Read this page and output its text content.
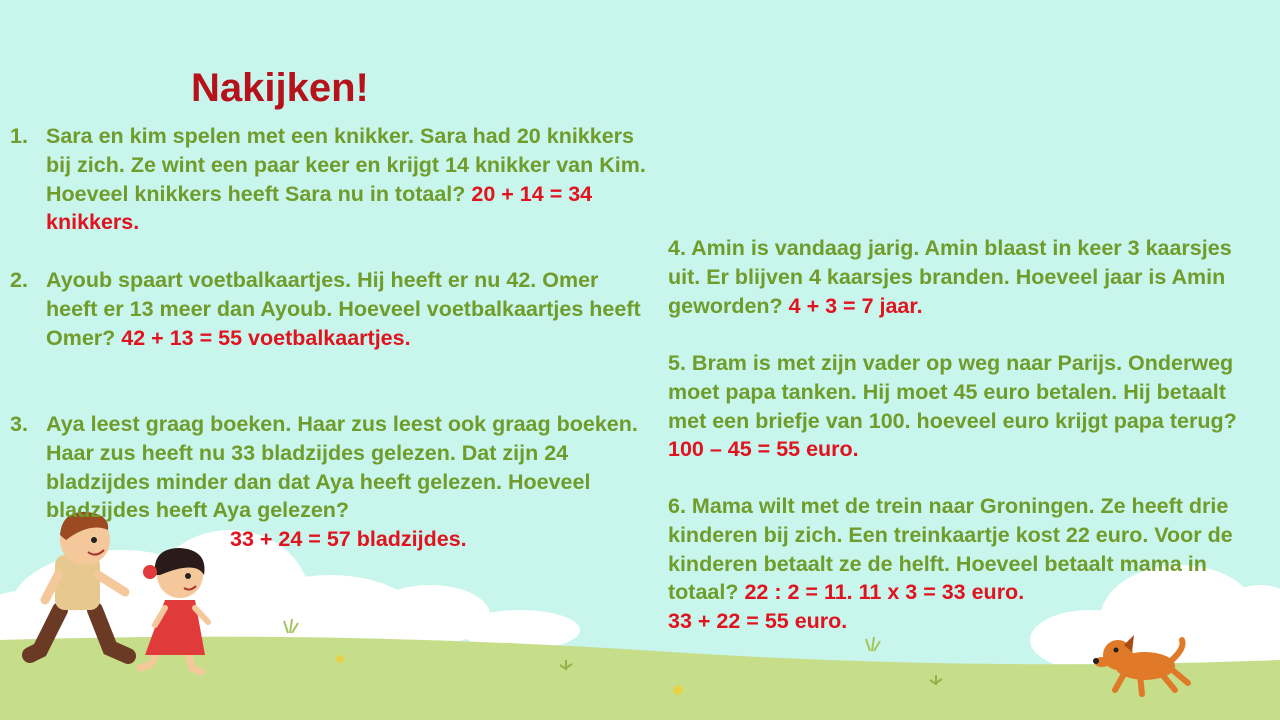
Nakijken!

1. Sara en kim spelen met een knikker. Sara had 20 knikkers bij zich. Ze wint een paar keer en krijgt 14 knikker van Kim. Hoeveel knikkers heeft Sara nu in totaal? 20 + 14 = 34 knikkers.

2. Ayoub spaart voetbalkaartjes. Hij heeft er nu 42. Omer heeft er 13 meer dan Ayoub. Hoeveel voetbalkaartjes heeft Omer? 42 + 13 = 55 voetbalkaartjes.

3. Aya leest graag boeken. Haar zus leest ook graag boeken. Haar zus heeft nu 33 bladzijdes gelezen. Dat zijn 24 bladzijdes minder dan dat Aya heeft gelezen. Hoeveel bladzijdes heeft Aya gelezen?
33 + 24 = 57 bladzijdes.

4. Amin is vandaag jarig. Amin blaast in keer 3 kaarsjes uit. Er blijven 4 kaarsjes branden. Hoeveel jaar is Amin geworden? 4 + 3 = 7 jaar.

5. Bram is met zijn vader op weg naar Parijs. Onderweg moet papa tanken. Hij moet 45 euro betalen. Hij betaalt met een briefje van 100. hoeveel euro krijgt papa terug? 100 – 45 = 55 euro.

6. Mama wilt met de trein naar Groningen. Ze heeft drie kinderen bij zich. Een treinkaartje kost 22 euro. Voor de kinderen betaalt ze de helft. Hoeveel betaalt mama in totaal? 22 : 2 = 11. 11 x 3 = 33 euro.
33 + 22 = 55 euro.
